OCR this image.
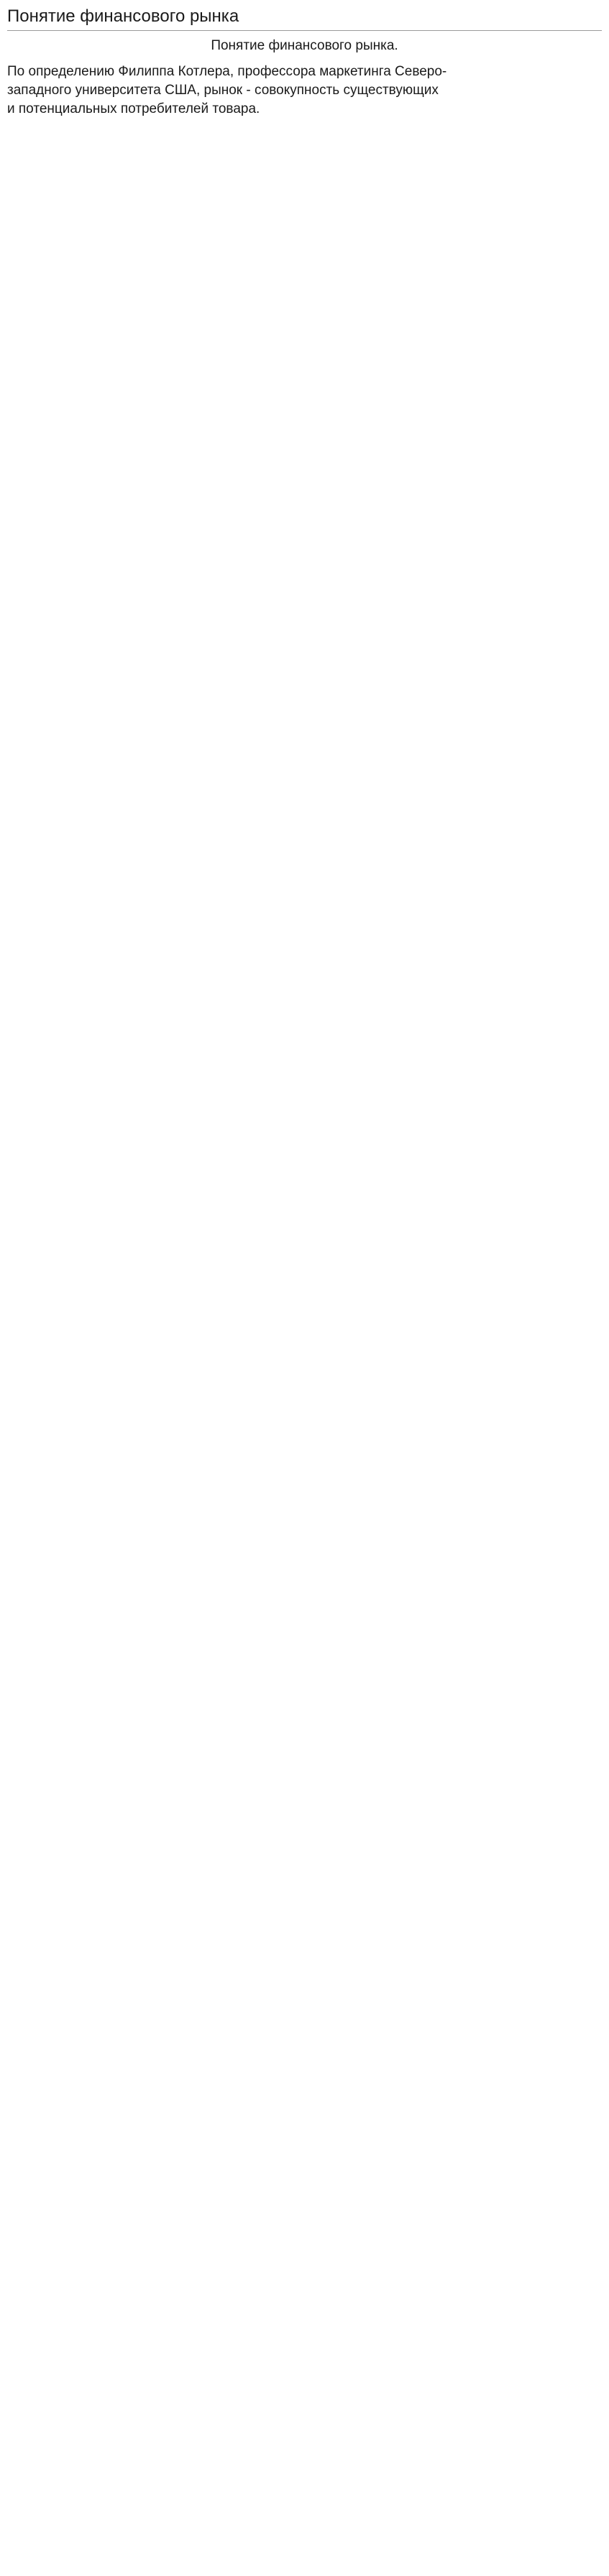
Понятие финансового рынка
Понятие финансового рынка.

По определению Филиппа Котлера, профессора маркетинга Северо-

западного университета США, рынок - совокупность существующих

и потенциальных потребителей товара.
